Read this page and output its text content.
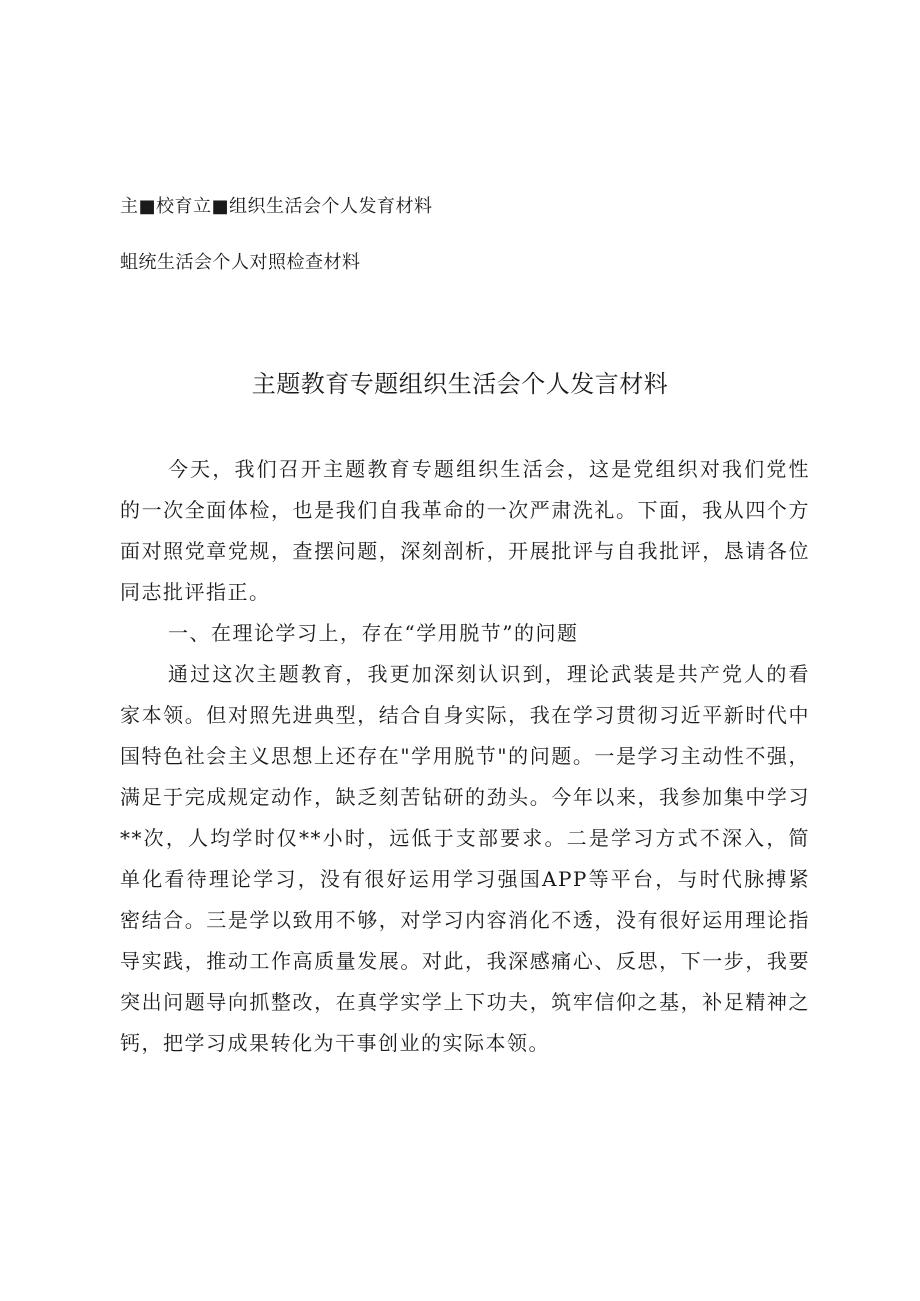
主■校育立■组织生活会个人发育材料
蛆统生活会个人对照检查材料
主题教育专题组织生活会个人发言材料

今天，我们召开主题教育专题组织生活会，这是党组织对我们党性的一次全面体检，也是我们自我革命的一次严肃洗礼。下面，我从四个方面对照党章党规，查摆问题，深刻剖析，开展批评与自我批评，恳请各位同志批评指正。

一、在理论学习上，存在“学用脱节”的问题

通过这次主题教育，我更加深刻认识到，理论武装是共产党人的看家本领。但对照先进典型，结合自身实际，我在学习贯彻习近平新时代中国特色社会主义思想上还存在"学用脱节"的问题。一是学习主动性不强，满足于完成规定动作，缺乏刻苦钻研的劲头。今年以来，我参加集中学习**次，人均学时仅**小时，远低于支部要求。二是学习方式不深入，简单化看待理论学习，没有很好运用学习强国APP等平台，与时代脉搏紧密结合。三是学以致用不够，对学习内容消化不透，没有很好运用理论指导实践，推动工作高质量发展。对此，我深感痛心、反思，下一步，我要突出问题导向抓整改，在真学实学上下功夫，筑牢信仰之基，补足精神之钙，把学习成果转化为干事创业的实际本领。
